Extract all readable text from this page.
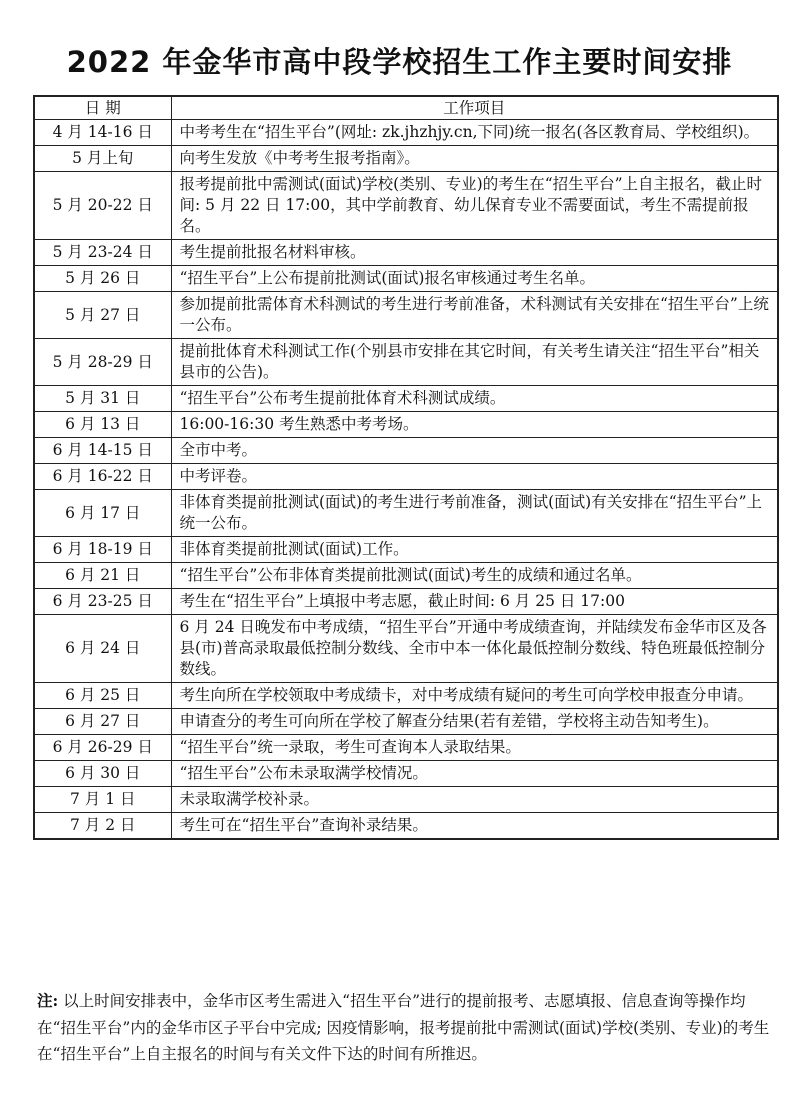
2022 年金华市高中段学校招生工作主要时间安排
日 期	工作项目
4 月 14-16 日	中考考生在“招生平台”(网址: zk.jhzhjy.cn,下同)统一报名(各区教育局、学校组织)。
5 月上旬	向考生发放《中考考生报考指南》。
5 月 20-22 日	报考提前批中需测试(面试)学校(类别、专业)的考生在“招生平台”上自主报名，截止时间: 5 月 22 日 17:00，其中学前教育、幼儿保育专业不需要面试，考生不需提前报名。
5 月 23-24 日	考生提前批报名材料审核。
5 月 26 日	“招生平台”上公布提前批测试(面试)报名审核通过考生名单。
5 月 27 日	参加提前批需体育术科测试的考生进行考前准备，术科测试有关安排在“招生平台”上统一公布。
5 月 28-29 日	提前批体育术科测试工作(个别县市安排在其它时间，有关考生请关注“招生平台”相关县市的公告)。
5 月 31 日	“招生平台”公布考生提前批体育术科测试成绩。
6 月 13 日	16:00-16:30 考生熟悉中考考场。
6 月 14-15 日	全市中考。
6 月 16-22 日	中考评卷。
6 月 17 日	非体育类提前批测试(面试)的考生进行考前准备，测试(面试)有关安排在“招生平台”上统一公布。
6 月 18-19 日	非体育类提前批测试(面试)工作。
6 月 21 日	“招生平台”公布非体育类提前批测试(面试)考生的成绩和通过名单。
6 月 23-25 日	考生在“招生平台”上填报中考志愿，截止时间: 6 月 25 日 17:00
6 月 24 日	6 月 24 日晚发布中考成绩，“招生平台”开通中考成绩查询，并陆续发布金华市区及各县(市)普高录取最低控制分数线、全市中本一体化最低控制分数线、特色班最低控制分数线。
6 月 25 日	考生向所在学校领取中考成绩卡，对中考成绩有疑问的考生可向学校申报查分申请。
6 月 27 日	申请查分的考生可向所在学校了解查分结果(若有差错，学校将主动告知考生)。
6 月 26-29 日	“招生平台”统一录取，考生可查询本人录取结果。
6 月 30 日	“招生平台”公布未录取满学校情况。
7 月 1 日	未录取满学校补录。
7 月 2 日	考生可在“招生平台”查询补录结果。
注: 以上时间安排表中，金华市区考生需进入“招生平台”进行的提前报考、志愿填报、信息查询等操作均在“招生平台”内的金华市区子平台中完成; 因疫情影响，报考提前批中需测试(面试)学校(类别、专业)的考生在“招生平台”上自主报名的时间与有关文件下达的时间有所推迟。
